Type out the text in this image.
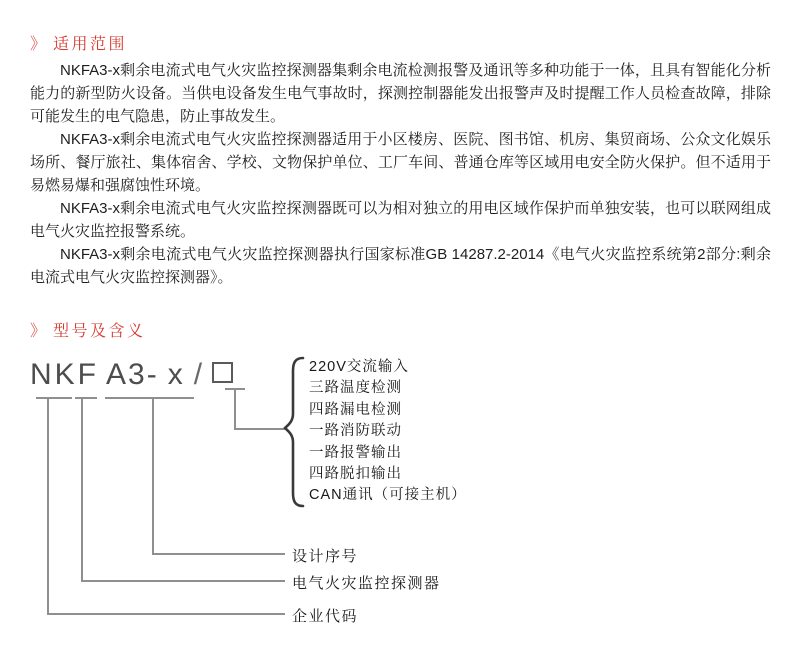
》 适用范围

NKFA3-x剩余电流式电气火灾监控探测器集剩余电流检测报警及通讯等多种功能于一体，且具有智能化分析能力的新型防火设备。当供电设备发生电气事故时，探测控制器能发出报警声及时提醒工作人员检查故障，排除可能发生的电气隐患，防止事故发生。

NKFA3-x剩余电流式电气火灾监控探测器适用于小区楼房、医院、图书馆、机房、集贸商场、公众文化娱乐场所、餐厅旅社、集体宿舍、学校、文物保护单位、工厂车间、普通仓库等区域用电安全防火保护。但不适用于易燃易爆和强腐蚀性环境。

NKFA3-x剩余电流式电气火灾监控探测器既可以为相对独立的用电区域作保护而单独安装，也可以联网组成电气火灾监控报警系统。

NKFA3-x剩余电流式电气火灾监控探测器执行国家标准GB 14287.2-2014《电气火灾监控系统第2部分:剩余电流式电气火灾监控探测器》。

》 型号及含义
NKF A3- x /	220V交流输入
三路温度检测
四路漏电检测
一路消防联动
一路报警输出
四路脱扣输出
CAN通讯（可接主机）
设计序号
电气火灾监控探测器
企业代码
